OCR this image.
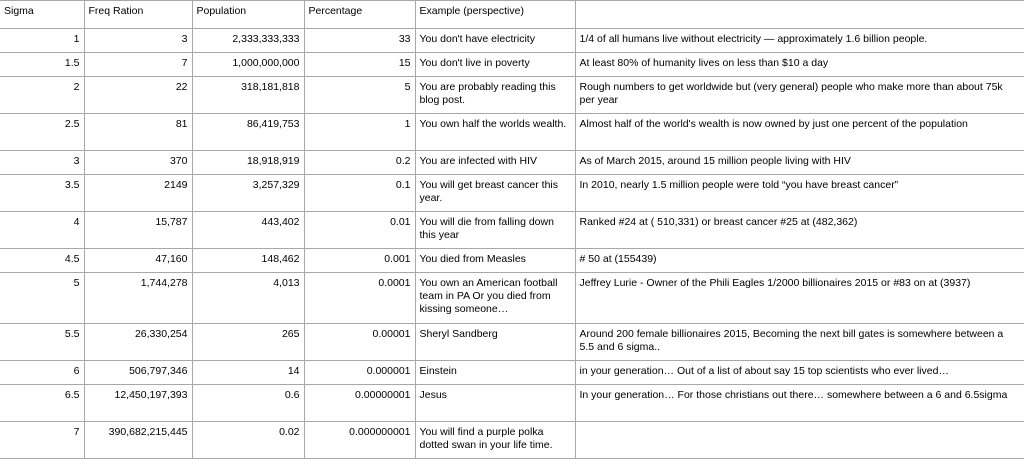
Sigma	Freq Ration	Population	Percentage	Example (perspective)	
1	3	2,333,333,333	33	You don't have electricity	1/4 of all humans live without electricity — approximately 1.6 billion people.
1.5	7	1,000,000,000	15	You don't live in poverty	At least 80% of humanity lives on less than $10 a day
2	22	318,181,818	5	You are probably reading this blog post.	Rough numbers to get worldwide but (very general) people who make more than about 75k per year
2.5	81	86,419,753	1	You own half the worlds wealth.	Almost half of the world's wealth is now owned by just one percent of the population
3	370	18,918,919	0.2	You are infected with HIV	As of March 2015, around 15 million people living with HIV
3.5	2149	3,257,329	0.1	You will get breast cancer this year.	In 2010, nearly 1.5 million people were told “you have breast cancer”
4	15,787	443,402	0.01	You will die from falling down this year	Ranked #24 at ( 510,331) or breast cancer #25 at (482,362)
4.5	47,160	148,462	0.001	You died from Measles	# 50 at (155439)
5	1,744,278	4,013	0.0001	You own an American football team in PA Or you died from kissing someone…	Jeffrey Lurie - Owner of the Phili Eagles 1/2000 billionaires 2015 or #83 on at (3937)
5.5	26,330,254	265	0.00001	Sheryl Sandberg	Around 200 female billionaires 2015, Becoming the next bill gates is somewhere between a 5.5 and 6 sigma..
6	506,797,346	14	0.000001	Einstein	in your generation… Out of a list of about say 15 top scientists who ever lived…
6.5	12,450,197,393	0.6	0.00000001	Jesus	In your generation… For those christians out there… somewhere between a 6 and 6.5sigma
7	390,682,215,445	0.02	0.000000001	You will find a purple polka dotted swan in your life time.	
